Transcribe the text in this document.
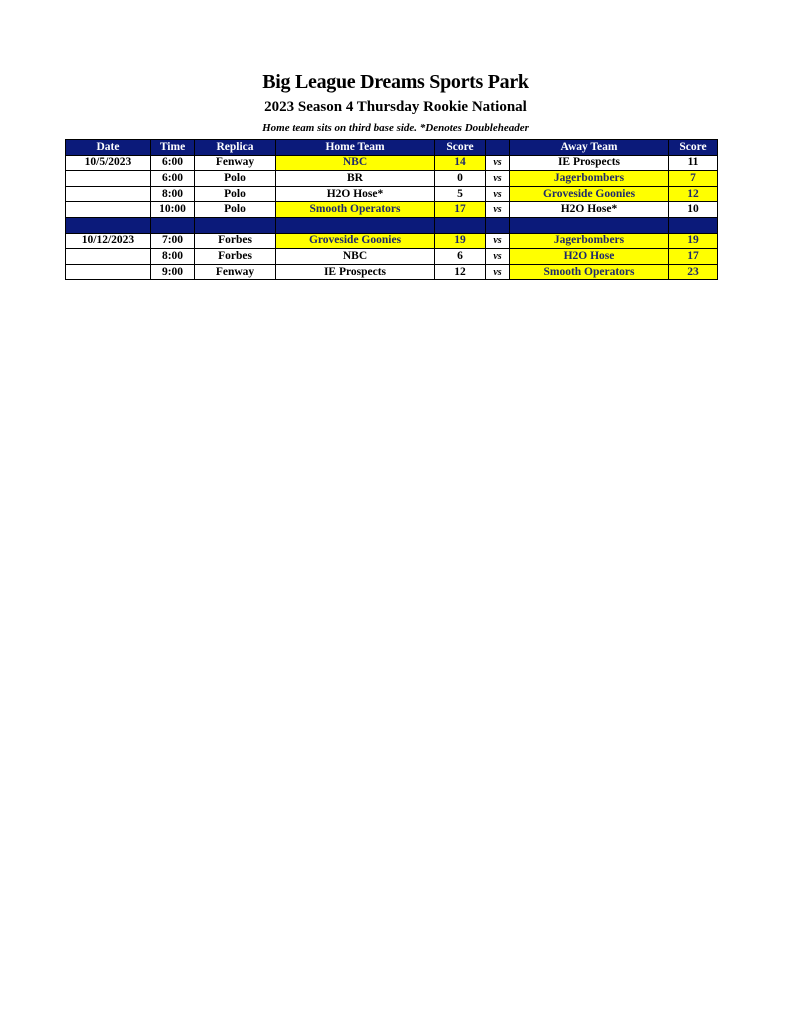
Big League Dreams Sports Park
2023 Season 4 Thursday Rookie National
Home team sits on third base side. *Denotes Doubleheader
Date	Time	Replica	Home Team	Score		Away Team	Score
10/5/2023	6:00	Fenway	NBC	14	vs	IE Prospects	11
	6:00	Polo	BR	0	vs	Jagerbombers	7
	8:00	Polo	H2O Hose*	5	vs	Groveside Goonies	12
	10:00	Polo	Smooth Operators	17	vs	H2O Hose*	10

10/12/2023	7:00	Forbes	Groveside Goonies	19	vs	Jagerbombers	19
	8:00	Forbes	NBC	6	vs	H2O Hose	17
	9:00	Fenway	IE Prospects	12	vs	Smooth Operators	23
